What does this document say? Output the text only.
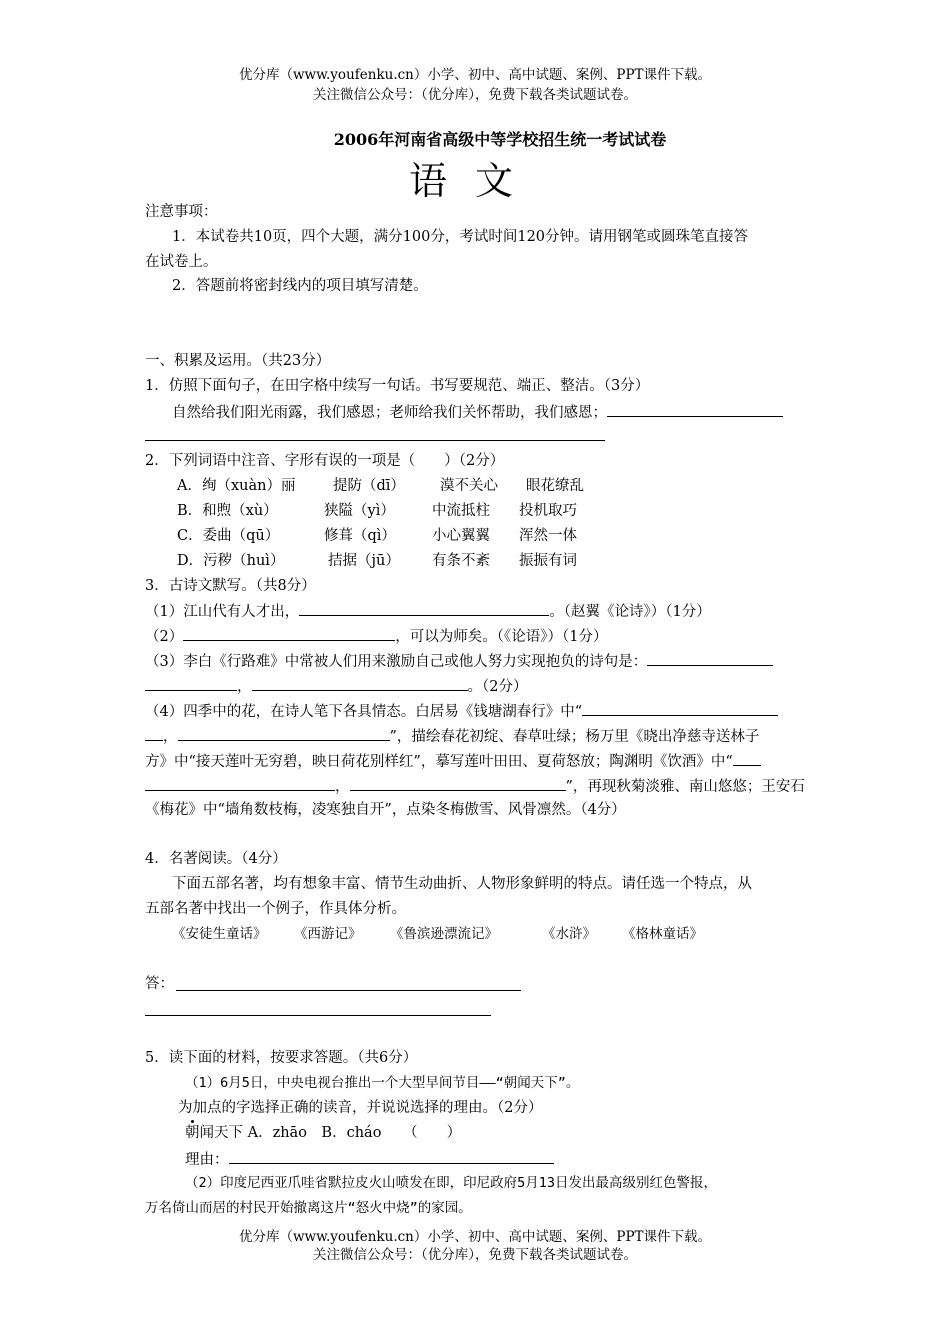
优分库（www.youfenku.cn）小学、初中、高中试题、案例、PPT课件下载。
关注微信公众号：（优分库），免费下载各类试题试卷。
2006年河南省高级中等学校招生统一考试试卷
语文
注意事项：
1．本试卷共10页，四个大题，满分100分，考试时间120分钟。请用钢笔或圆珠笔直接答
在试卷上。
2．答题前将密封线内的项目填写清楚。
一、积累及运用。（共23分）
1．仿照下面句子，在田字格中续写一句话。书写要规范、端正、整洁。（3分）
自然给我们阳光雨露，我们感恩；老师给我们关怀帮助，我们感恩；
2．下列词语中注音、字形有误的一项是（　　）（2分）
A．绚（xuàn）丽	提防（dī） 漠不关心 眼花缭乱
B．和煦（xù）	狭隘（yì）	中流抵柱 投机取巧
C．委曲（qū）	修葺（qì） 小心翼翼 浑然一体
D．污秽（huì）	拮据（jū） 有条不紊 振振有词
3．古诗文默写。（共8分）
（1）江山代有人才出，	。（赵翼《论诗》）（1分）
（2）	，可以为师矣。（《论语》）（1分）
（3）李白《行路难》中常被人们用来激励自己或他人努力实现抱负的诗句是：
，	。（2分）
（4）四季中的花，在诗人笔下各具情态。白居易《钱塘湖春行》中“
，	”，描绘春花初绽、春草吐绿；杨万里《晓出净慈寺送林子
方》中“接天莲叶无穷碧，映日荷花别样红”，摹写莲叶田田、夏荷怒放；陶渊明《饮酒》中“
，	”，再现秋菊淡雅、南山悠悠；王安石
《梅花》中“墙角数枝梅，凌寒独自开”，点染冬梅傲雪、风骨凛然。（4分）
4．名著阅读。（4分）
下面五部名著，均有想象丰富、情节生动曲折、人物形象鲜明的特点。请任选一个特点，从
五部名著中找出一个例子，作具体分析。
《安徒生童话》 《西游记》 《鲁滨逊漂流记》	《水浒》 《格林童话》
答：
5．读下面的材料，按要求答题。（共6分）
（1）6月5日，中央电视台推出一个大型早间节目——“朝闻天下”。
为加点的字选择正确的读音，并说说选择的理由。（2分）
朝闻天下 A．zhāo　B．cháo　　（　　）
理由：
（2）印度尼西亚爪哇省默拉皮火山喷发在即，印尼政府5月13日发出最高级别红色警报，
万名倚山而居的村民开始撤离这片“怒火中烧”的家园。
优分库（www.youfenku.cn）小学、初中、高中试题、案例、PPT课件下载。
关注微信公众号：（优分库），免费下载各类试题试卷。
